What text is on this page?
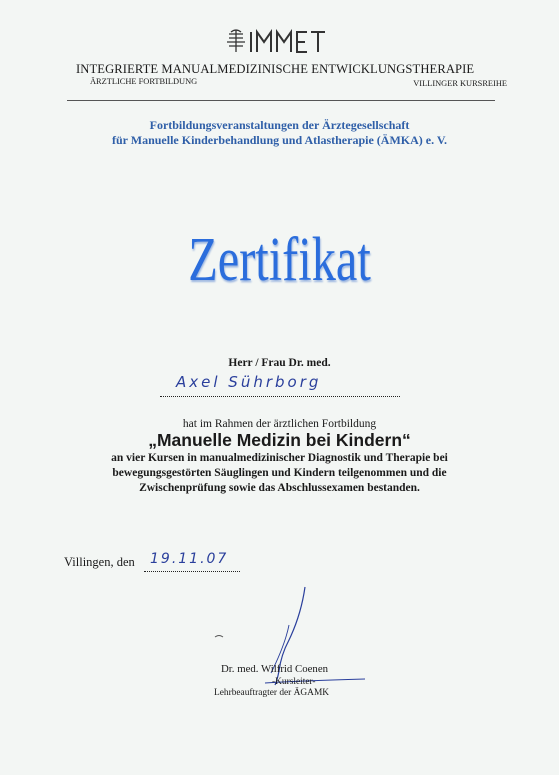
INTEGRIERTE MANUALMEDIZINISCHE ENTWICKLUNGSTHERAPIE
ÄRZTLICHE FORTBILDUNG	VILLINGER KURSREIHE
Fortbildungsveranstaltungen der Ärztegesellschaft
für Manuelle Kinderbehandlung und Atlastherapie (ÄMKA) e. V.
Zertifikat
Herr / Frau Dr. med.
Axel Sührborg
hat im Rahmen der ärztlichen Fortbildung
„Manuelle Medizin bei Kindern“
an vier Kursen in manualmedizinischer Diagnostik und Therapie bei
bewegungsgestörten Säuglingen und Kindern teilgenommen und die
Zwischenprüfung sowie das Abschlussexamen bestanden.
Villingen, den 19.11.07
Dr. med. Wilfrid Coenen
-Kursleiter-
Lehrbeauftragter der ÄGAMK
